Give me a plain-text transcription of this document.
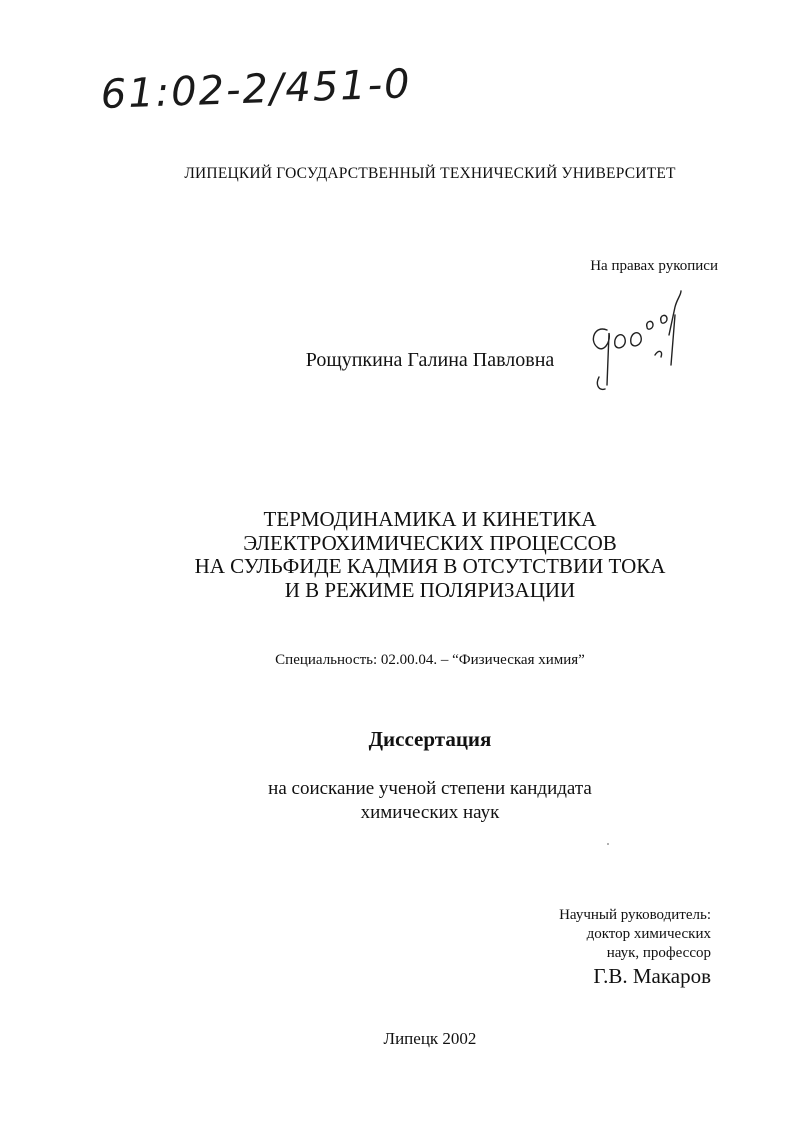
61:02-2/451-0
ЛИПЕЦКИЙ ГОСУДАРСТВЕННЫЙ ТЕХНИЧЕСКИЙ УНИВЕРСИТЕТ
На правах рукописи
Рощупкина Галина Павловна
ТЕРМОДИНАМИКА И КИНЕТИКА
ЭЛЕКТРОХИМИЧЕСКИХ ПРОЦЕССОВ
НА СУЛЬФИДЕ КАДМИЯ В ОТСУТСТВИИ ТОКА
И В РЕЖИМЕ ПОЛЯРИЗАЦИИ
Специальность: 02.00.04. – “Физическая химия”
Диссертация
на соискание ученой степени кандидата
химических наук
Научный руководитель:
доктор химических
наук, профессор
Г.В. Макаров
Липецк 2002
